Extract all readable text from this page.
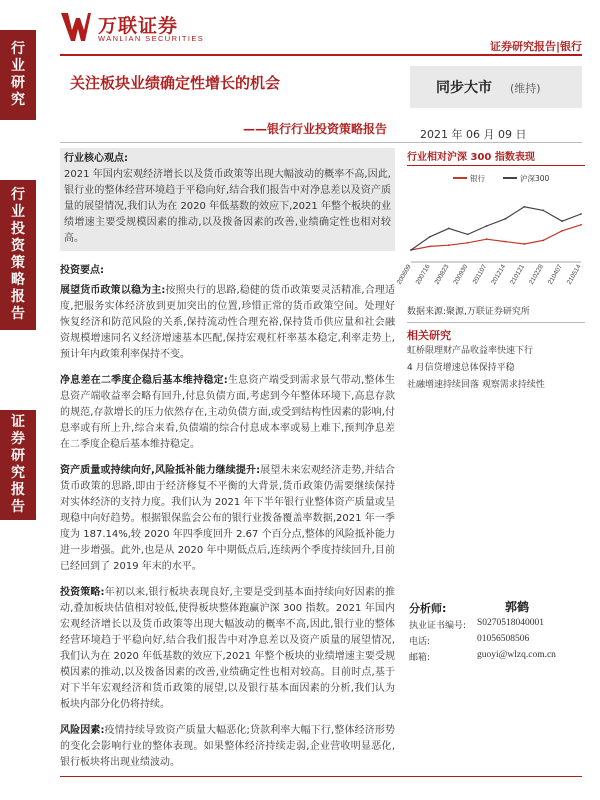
万联证券
WANLIAN SECURITIES
证券研究报告|银行
行业研究
行业投资策略报告
证券研究报告
关注板块业绩确定性增长的机会
——银行行业投资策略报告
同步大市 (维持)
2021 年 06 月 09 日
行业核心观点:

2021 年国内宏观经济增长以及货币政策等出现大幅波动的概率不高,因此,银行业的整体经营环境趋于平稳向好,结合我们报告中对净息差以及资产质量的展望情况,我们认为在 2020 年低基数的效应下,2021 年整个板块的业绩增速主要受规模因素的推动,以及拨备因素的改善,业绩确定性也相对较高。

投资要点:

展望货币政策以稳为主:按照央行的思路,稳健的货币政策要灵活精准,合理适度,把服务实体经济放到更加突出的位置,珍惜正常的货币政策空间。处理好恢复经济和防范风险的关系,保持流动性合理充裕,保持货币供应量和社会融资规模增速同名义经济增速基本匹配,保持宏观杠杆率基本稳定,利率走势上,预计年内政策利率保持不变。

净息差在二季度企稳后基本维持稳定:生息资产端受到需求景气带动,整体生息资产端收益率会略有回升,付息负债方面,考虑到今年整体环境下,高息存款的规范,存款增长的压力依然存在,主动负债方面,或受到结构性因素的影响,付息率或有所上升,综合来看,负债端的综合付息成本率或易上难下,预判净息差在二季度企稳后基本维持稳定。

资产质量或持续向好,风险抵补能力继续提升:展望未来宏观经济走势,并结合货币政策的思路,即由于经济修复不平衡的大背景,货币政策仍需要继续保持对实体经济的支持力度。我们认为 2021 年下半年银行业整体资产质量或呈现稳中向好趋势。根据银保监会公布的银行业拨备覆盖率数据,2021 年一季度为 187.14%,较 2020 年四季度回升 2.67 个百分点,整体的风险抵补能力进一步增强。此外,也是从 2020 年中期低点后,连续两个季度持续回升,目前已经回到了 2019 年末的水平。

投资策略:年初以来,银行板块表现良好,主要是受到基本面持续向好因素的推动,叠加板块估值相对较低,使得板块整体跑赢沪深 300 指数。2021 年国内宏观经济增长以及货币政策等出现大幅波动的概率不高,因此,银行业的整体经营环境趋于平稳向好,结合我们报告中对净息差以及资产质量的展望情况,我们认为在 2020 年低基数的效应下,2021 年整个板块的业绩增速主要受规模因素的推动,以及拨备因素的改善,业绩确定性也相对较高。目前时点,基于对下半年宏观经济和货币政策的展望,以及银行基本面因素的分析,我们认为板块内部分化仍将持续。

风险因素:疫情持续导致资产质量大幅恶化;贷款利率大幅下行,整体经济形势的变化会影响行业的整体表现。如果整体经济持续走弱,企业营收明显恶化,银行板块将出现业绩波动。

行业相对沪深 300 指数表现
银行	沪深300
200609 200716 200823 200930 201107 201214 210121 210228 210407 210514
数据来源:聚源,万联证券研究所
相关研究
虹桥限理财产品收益率快速下行
4 月信贷增速总体保持平稳
社融增速持续回落 观察需求持续性
分析师:	郭鹤
执业证书编号: S0270518040001
电话:	01056508506
邮箱:	guoyi@wlzq.com.cn
